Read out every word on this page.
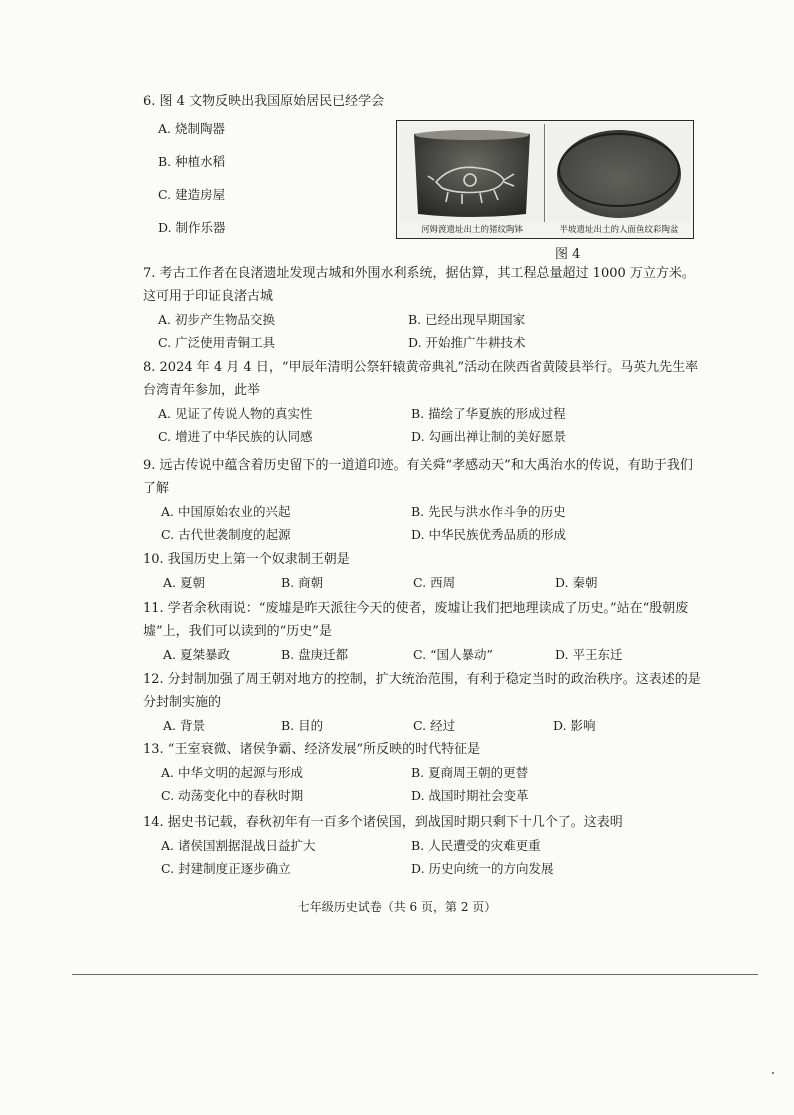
6. 图 4 文物反映出我国原始居民已经学会
A. 烧制陶器
B. 种植水稻
C. 建造房屋
D. 制作乐器	河姆渡遗址出土的猪纹陶钵	半坡遗址出土的人面鱼纹彩陶盆
图 4
7. 考古工作者在良渚遗址发现古城和外围水利系统，据估算，其工程总量超过 1000 万立方米。这可用于印证良渚古城
A. 初步产生物品交换	B. 已经出现早期国家
C. 广泛使用青铜工具	D. 开始推广牛耕技术
8. 2024 年 4 月 4 日，“甲辰年清明公祭轩辕黄帝典礼”活动在陕西省黄陵县举行。马英九先生率台湾青年参加，此举
A. 见证了传说人物的真实性	B. 描绘了华夏族的形成过程
C. 增进了中华民族的认同感	D. 勾画出禅让制的美好愿景
9. 远古传说中蕴含着历史留下的一道道印迹。有关舜“孝感动天”和大禹治水的传说，有助于我们了解
A. 中国原始农业的兴起	B. 先民与洪水作斗争的历史
C. 古代世袭制度的起源	D. 中华民族优秀品质的形成
10. 我国历史上第一个奴隶制王朝是
A. 夏朝	B. 商朝	C. 西周	D. 秦朝
11. 学者余秋雨说：“废墟是昨天派往今天的使者，废墟让我们把地理读成了历史。”站在“殷朝废墟”上，我们可以读到的“历史”是
A. 夏桀暴政	B. 盘庚迁都	C. “国人暴动”	D. 平王东迁
12. 分封制加强了周王朝对地方的控制，扩大统治范围，有利于稳定当时的政治秩序。这表述的是分封制实施的
A. 背景	B. 目的	C. 经过	D. 影响
13. “王室衰微、诸侯争霸、经济发展”所反映的时代特征是
A. 中华文明的起源与形成	B. 夏商周王朝的更替
C. 动荡变化中的春秋时期	D. 战国时期社会变革
14. 据史书记载，春秋初年有一百多个诸侯国，到战国时期只剩下十几个了。这表明
A. 诸侯国割据混战日益扩大	B. 人民遭受的灾难更重
C. 封建制度正逐步确立	D. 历史向统一的方向发展
七年级历史试卷（共 6 页，第 2 页）
